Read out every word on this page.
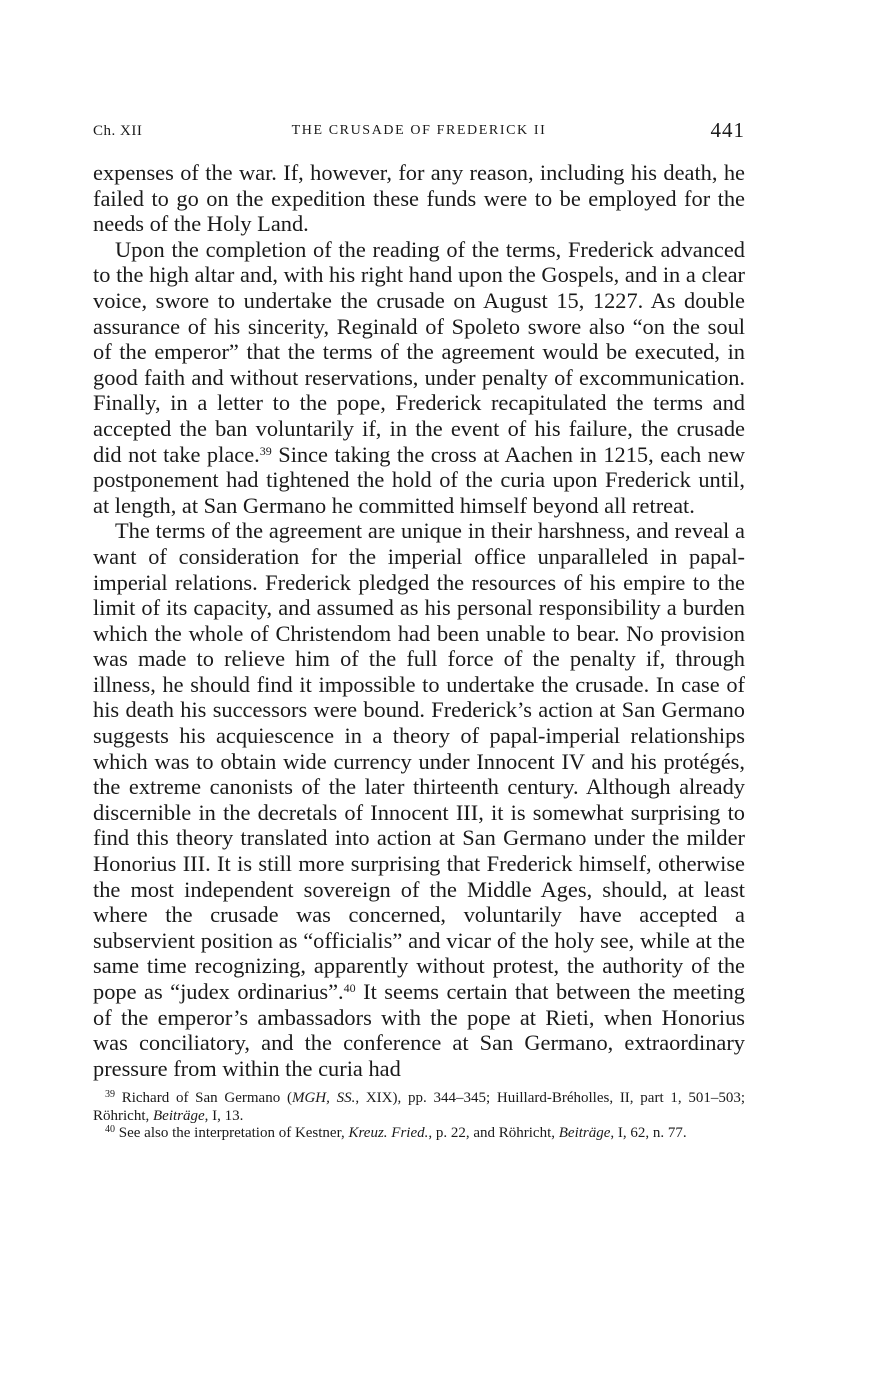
Ch. XII	THE CRUSADE OF FREDERICK II	441

expenses of the war. If, however, for any reason, including his death, he failed to go on the expedition these funds were to be employed for the needs of the Holy Land.

Upon the completion of the reading of the terms, Frederick advanced to the high altar and, with his right hand upon the Gospels, and in a clear voice, swore to undertake the crusade on August 15, 1227. As double assurance of his sincerity, Reginald of Spoleto swore also “on the soul of the emperor” that the terms of the agreement would be executed, in good faith and without reservations, under penalty of excommunication. Finally, in a letter to the pope, Frederick recapitulated the terms and accepted the ban voluntarily if, in the event of his failure, the crusade did not take place.$^{39}$ Since taking the cross at Aachen in 1215, each new postponement had tightened the hold of the curia upon Frederick until, at length, at San Germano he committed himself beyond all retreat.

The terms of the agreement are unique in their harshness, and reveal a want of consideration for the imperial office unparalleled in papal-imperial relations. Frederick pledged the resources of his empire to the limit of its capacity, and assumed as his personal responsibility a burden which the whole of Christendom had been unable to bear. No provision was made to relieve him of the full force of the penalty if, through illness, he should find it impossible to undertake the crusade. In case of his death his successors were bound. Frederick’s action at San Germano suggests his acquiescence in a theory of papal-imperial relationships which was to obtain wide currency under Innocent IV and his protégés, the extreme canonists of the later thirteenth century. Although already discernible in the decretals of Innocent III, it is somewhat surprising to find this theory translated into action at San Germano under the milder Honorius III. It is still more surprising that Frederick himself, otherwise the most independent sovereign of the Middle Ages, should, at least where the crusade was concerned, voluntarily have accepted a subservient position as “officialis” and vicar of the holy see, while at the same time recognizing, apparently without protest, the authority of the pope as “judex ordinarius”.$^{40}$ It seems certain that between the meeting of the emperor’s ambassadors with the pope at Rieti, when Honorius was conciliatory, and the conference at San Germano, extraordinary pressure from within the curia had

$^{39}$ Richard of San Germano (MGH, SS., XIX), pp. 344–345; Huillard-Bréholles, II, part 1, 501–503; Röhricht, Beiträge, I, 13.

$^{40}$ See also the interpretation of Kestner, Kreuz. Fried., p. 22, and Röhricht, Beiträge, I, 62, n. 77.
